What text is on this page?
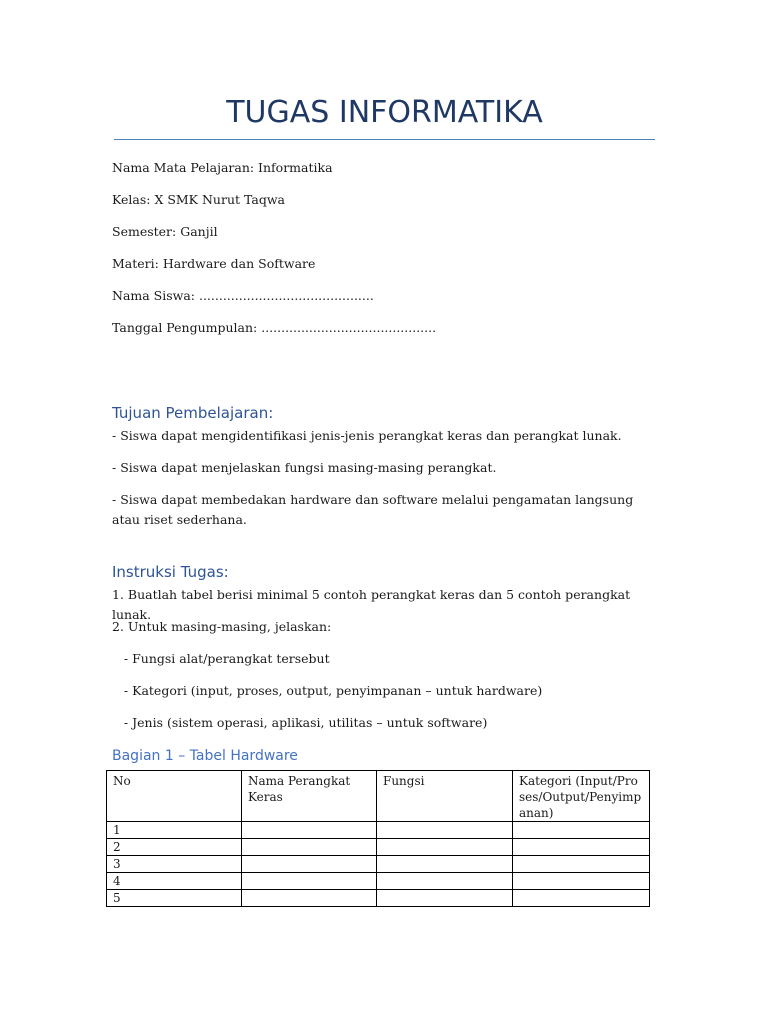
TUGAS INFORMATIKA
Nama Mata Pelajaran: Informatika
Kelas: X SMK Nurut Taqwa
Semester: Ganjil
Materi: Hardware dan Software
Nama Siswa: ............................................
Tanggal Pengumpulan: ............................................
Tujuan Pembelajaran:
- Siswa dapat mengidentifikasi jenis-jenis perangkat keras dan perangkat lunak.
- Siswa dapat menjelaskan fungsi masing-masing perangkat.
- Siswa dapat membedakan hardware dan software melalui pengamatan langsung atau riset sederhana.
Instruksi Tugas:
1. Buatlah tabel berisi minimal 5 contoh perangkat keras dan 5 contoh perangkat lunak.
2. Untuk masing-masing, jelaskan:
- Fungsi alat/perangkat tersebut
- Kategori (input, proses, output, penyimpanan – untuk hardware)
- Jenis (sistem operasi, aplikasi, utilitas – untuk software)
Bagian 1 – Tabel Hardware
No	Nama Perangkat Keras	Fungsi	Kategori (Input/Proses/Output/Penyimpanan)
1			
2			
3			
4			
5			
